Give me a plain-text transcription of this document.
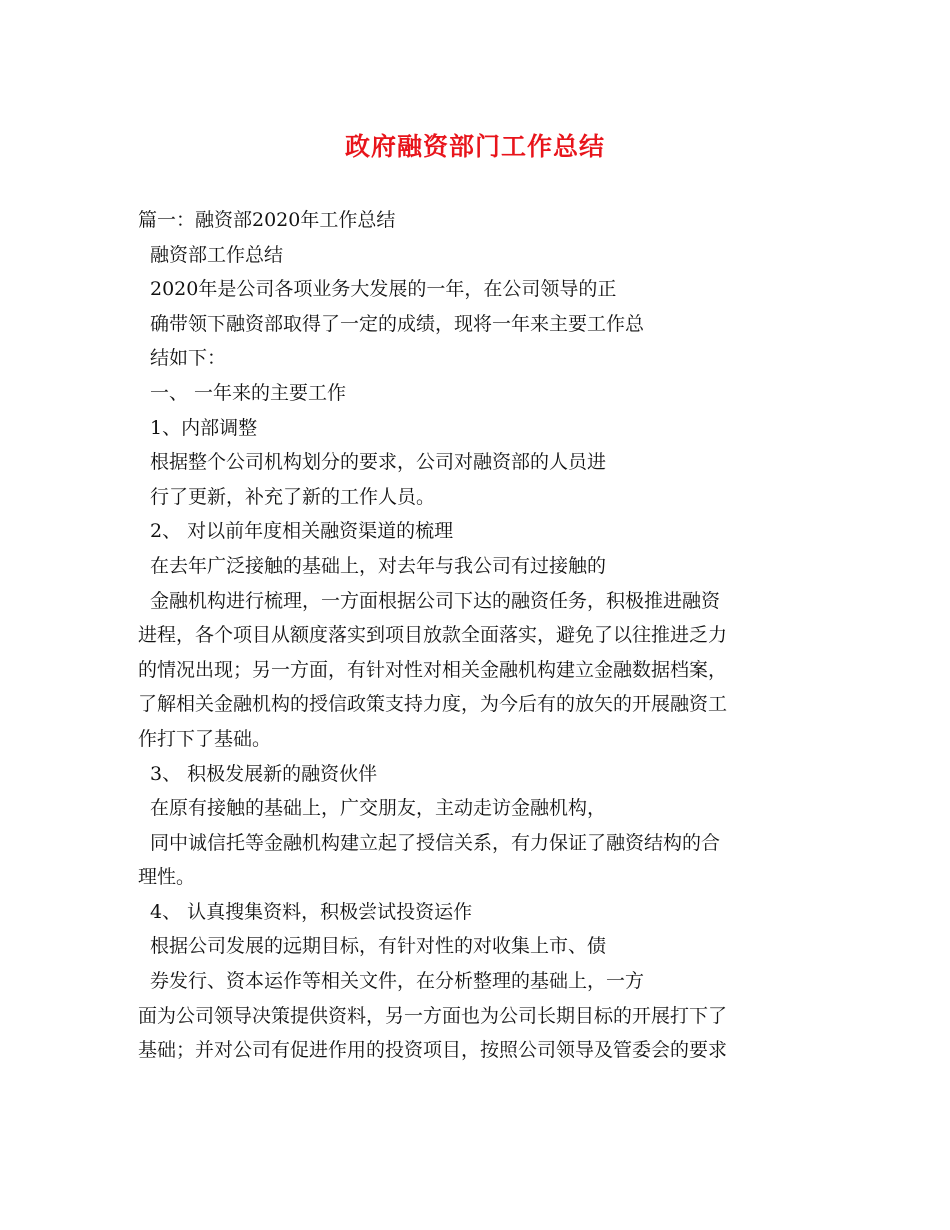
政府融资部门工作总结
篇一：融资部2020年工作总结
融资部工作总结
2020年是公司各项业务大发展的一年，在公司领导的正
确带领下融资部取得了一定的成绩，现将一年来主要工作总
结如下：
一、 一年来的主要工作
1、内部调整
根据整个公司机构划分的要求，公司对融资部的人员进
行了更新，补充了新的工作人员。
2、 对以前年度相关融资渠道的梳理
在去年广泛接触的基础上，对去年与我公司有过接触的
金融机构进行梳理，一方面根据公司下达的融资任务，积极推进融资
进程，各个项目从额度落实到项目放款全面落实，避免了以往推进乏力
的情况出现；另一方面，有针对性对相关金融机构建立金融数据档案，
了解相关金融机构的授信政策支持力度，为今后有的放矢的开展融资工
作打下了基础。
3、 积极发展新的融资伙伴
在原有接触的基础上，广交朋友，主动走访金融机构，
同中诚信托等金融机构建立起了授信关系，有力保证了融资结构的合
理性。
4、 认真搜集资料，积极尝试投资运作
根据公司发展的远期目标，有针对性的对收集上市、债
券发行、资本运作等相关文件，在分析整理的基础上，一方
面为公司领导决策提供资料，另一方面也为公司长期目标的开展打下了
基础；并对公司有促进作用的投资项目，按照公司领导及管委会的要求
